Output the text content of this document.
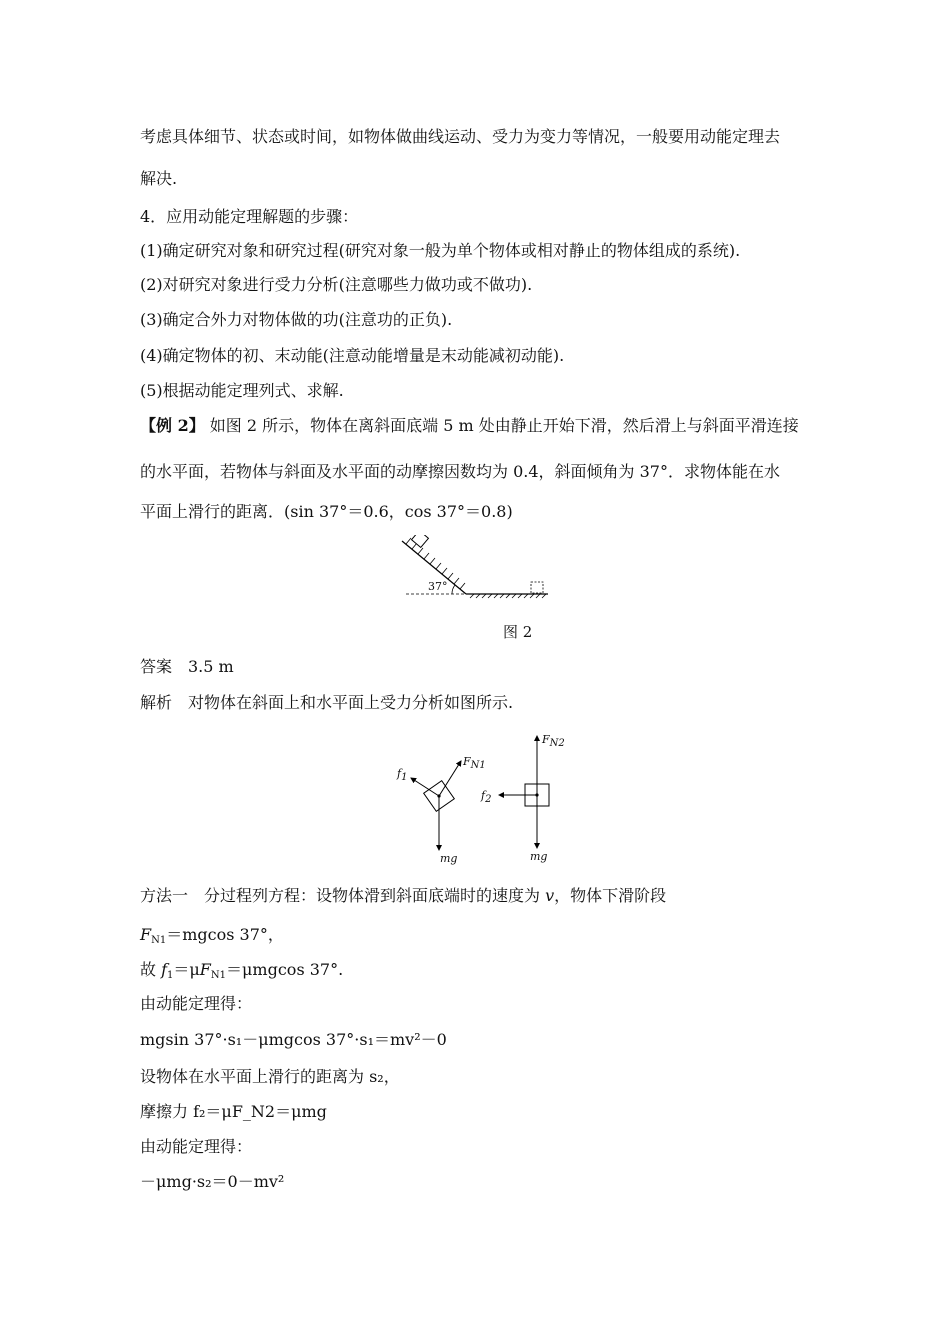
考虑具体细节、状态或时间，如物体做曲线运动、受力为变力等情况，一般要用动能定理去
解决.
4．应用动能定理解题的步骤：
(1)确定研究对象和研究过程(研究对象一般为单个物体或相对静止的物体组成的系统).
(2)对研究对象进行受力分析(注意哪些力做功或不做功).
(3)确定合外力对物体做的功(注意功的正负).
(4)确定物体的初、末动能(注意动能增量是末动能减初动能).
(5)根据动能定理列式、求解.
【例 2】 如图 2 所示，物体在离斜面底端 5 m 处由静止开始下滑，然后滑上与斜面平滑连接
的水平面，若物体与斜面及水平面的动摩擦因数均为 0.4，斜面倾角为 37°．求物体能在水
平面上滑行的距离．(sin 37°＝0.6，cos 37°＝0.8)
37°
图 2
答案　3.5 m
解析　对物体在斜面上和水平面上受力分析如图所示.
f1
FN1
mg
FN2
f2
mg
方法一　分过程列方程：设物体滑到斜面底端时的速度为 v，物体下滑阶段
$F_{N1}=mgcos$ 37°，
故 $f_1=\mu F_{N1}=\mu mgcos$ 37°.
由动能定理得：
mgsin 37°·s₁－μmgcos 37°·s₁＝mv²－0
设物体在水平面上滑行的距离为 s₂，
摩擦力 f₂＝μF_N2＝μmg
由动能定理得：
－μmg·s₂＝0－mv²
